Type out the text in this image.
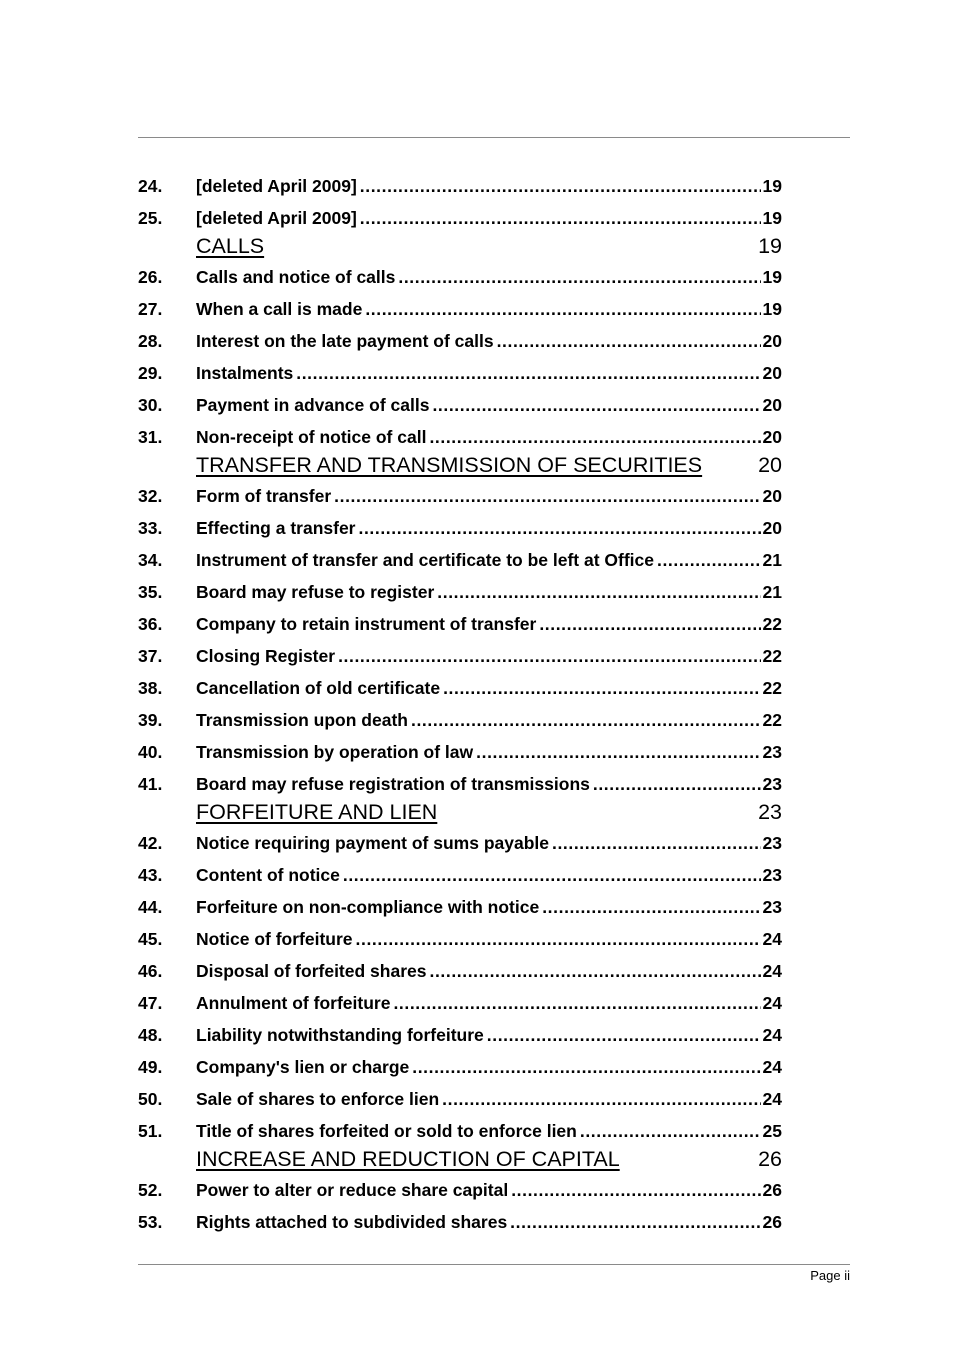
24. [deleted April 2009] .....	19
25. [deleted April 2009] .....	19
CALLS	19
26. Calls and notice of calls .....	19
27. When a call is made .....	19
28. Interest on the late payment of calls .....	20
29. Instalments .....	20
30. Payment in advance of calls .....	20
31. Non-receipt of notice of call .....	20
TRANSFER AND TRANSMISSION OF SECURITIES	20
32. Form of transfer .....	20
33. Effecting a transfer .....	20
34. Instrument of transfer and certificate to be left at Office .....	21
35. Board may refuse to register .....	21
36. Company to retain instrument of transfer .....	22
37. Closing Register .....	22
38. Cancellation of old certificate .....	22
39. Transmission upon death .....	22
40. Transmission by operation of law .....	23
41. Board may refuse registration of transmissions .....	23
FORFEITURE AND LIEN	23
42. Notice requiring payment of sums payable .....	23
43. Content of notice .....	23
44. Forfeiture on non-compliance with notice .....	23
45. Notice of forfeiture .....	24
46. Disposal of forfeited shares .....	24
47. Annulment of forfeiture .....	24
48. Liability notwithstanding forfeiture .....	24
49. Company's lien or charge .....	24
50. Sale of shares to enforce lien .....	24
51. Title of shares forfeited or sold to enforce lien .....	25
INCREASE AND REDUCTION OF CAPITAL	26
52. Power to alter or reduce share capital .....	26
53. Rights attached to subdivided shares .....	26
Page ii
